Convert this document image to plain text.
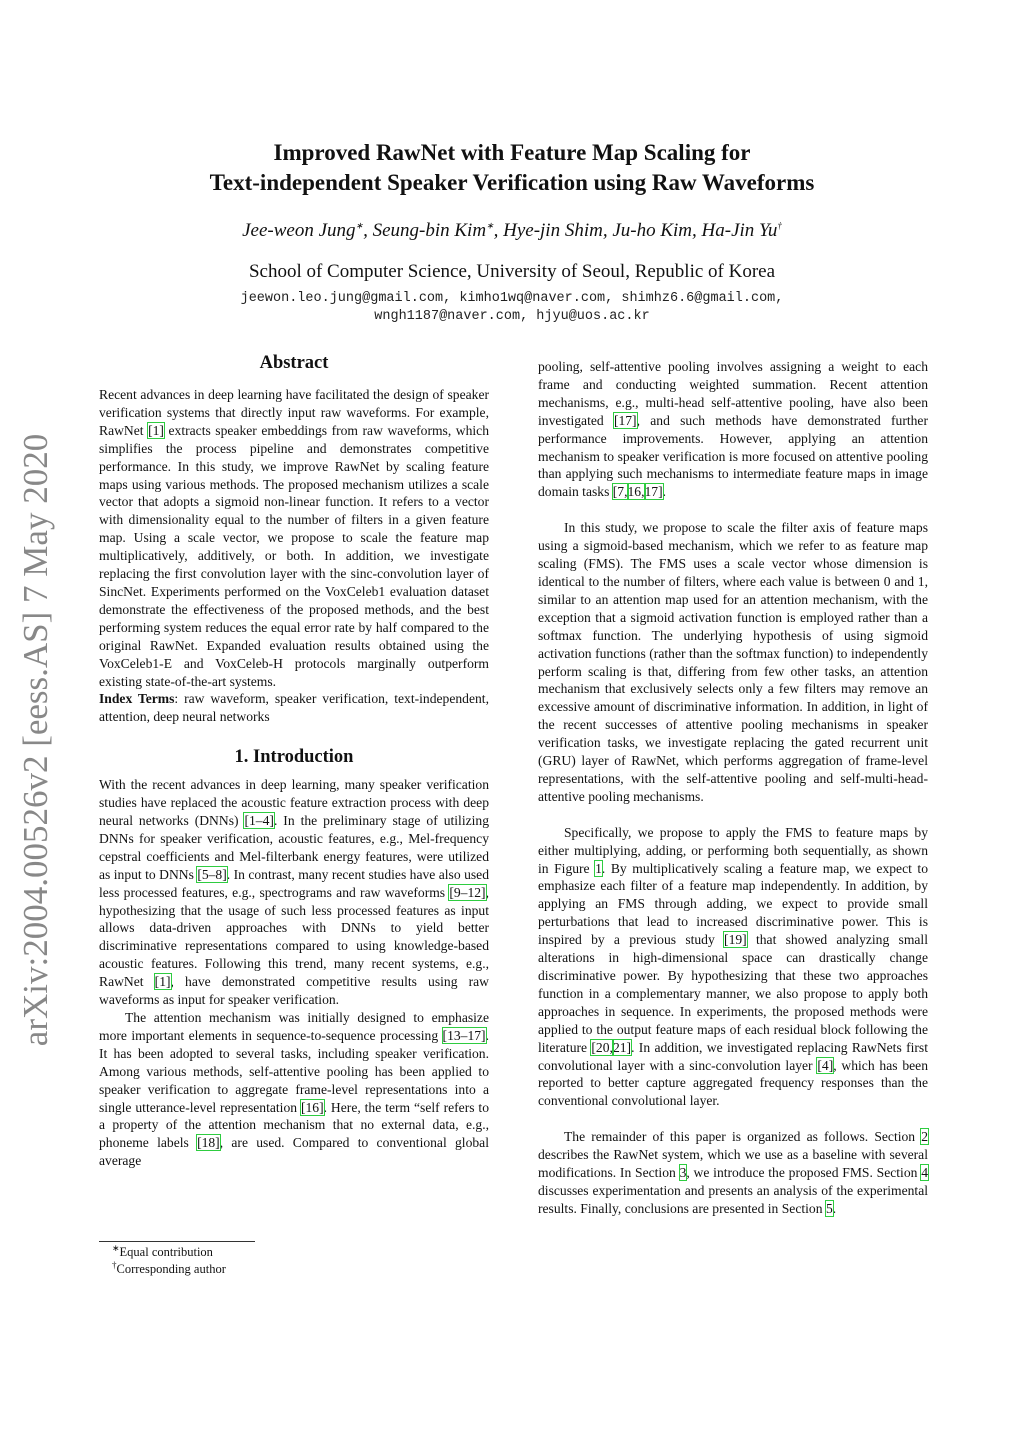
arXiv:2004.00526v2 [eess.AS] 7 May 2020
Improved RawNet with Feature Map Scaling for
Text-independent Speaker Verification using Raw Waveforms
Jee-weon Jung∗, Seung-bin Kim∗, Hye-jin Shim, Ju-ho Kim, Ha-Jin Yu†
School of Computer Science, University of Seoul, Republic of Korea
jeewon.leo.jung@gmail.com, kimho1wq@naver.com, shimhz6.6@gmail.com,
wngh1187@naver.com, hjyu@uos.ac.kr
Abstract

Recent advances in deep learning have facilitated the design of speaker verification systems that directly input raw waveforms. For example, RawNet [1] extracts speaker embeddings from raw waveforms, which simplifies the process pipeline and demonstrates competitive performance. In this study, we improve RawNet by scaling feature maps using various methods. The proposed mechanism utilizes a scale vector that adopts a sigmoid non-linear function. It refers to a vector with dimensionality equal to the number of filters in a given feature map. Using a scale vector, we propose to scale the feature map multiplicatively, additively, or both. In addition, we investigate replacing the first convolution layer with the sinc-convolution layer of SincNet. Experiments performed on the VoxCeleb1 evaluation dataset demonstrate the effectiveness of the proposed methods, and the best performing system reduces the equal error rate by half compared to the original RawNet. Expanded evaluation results obtained using the VoxCeleb1-E and VoxCeleb-H protocols marginally outperform existing state-of-the-art systems.

Index Terms: raw waveform, speaker verification, text-independent, attention, deep neural networks

1. Introduction

With the recent advances in deep learning, many speaker verification studies have replaced the acoustic feature extraction process with deep neural networks (DNNs) [1–4]. In the preliminary stage of utilizing DNNs for speaker verification, acoustic features, e.g., Mel-frequency cepstral coefficients and Mel-filterbank energy features, were utilized as input to DNNs [5–8]. In contrast, many recent studies have also used less processed features, e.g., spectrograms and raw waveforms [9–12], hypothesizing that the usage of such less processed features as input allows data-driven approaches with DNNs to yield better discriminative representations compared to using knowledge-based acoustic features. Following this trend, many recent systems, e.g., RawNet [1], have demonstrated competitive results using raw waveforms as input for speaker verification.

The attention mechanism was initially designed to emphasize more important elements in sequence-to-sequence processing [13–17]. It has been adopted to several tasks, including speaker verification. Among various methods, self-attentive pooling has been applied to speaker verification to aggregate frame-level representations into a single utterance-level representation [16]. Here, the term “self refers to a property of the attention mechanism that no external data, e.g., phoneme labels [18], are used. Compared to conventional global average

∗Equal contribution
†Corresponding author

pooling, self-attentive pooling involves assigning a weight to each frame and conducting weighted summation. Recent attention mechanisms, e.g., multi-head self-attentive pooling, have also been investigated [17], and such methods have demonstrated further performance improvements. However, applying an attention mechanism to speaker verification is more focused on attentive pooling than applying such mechanisms to intermediate feature maps in image domain tasks [7,16,17].

In this study, we propose to scale the filter axis of feature maps using a sigmoid-based mechanism, which we refer to as feature map scaling (FMS). The FMS uses a scale vector whose dimension is identical to the number of filters, where each value is between 0 and 1, similar to an attention map used for an attention mechanism, with the exception that a sigmoid activation function is employed rather than a softmax function. The underlying hypothesis of using sigmoid activation functions (rather than the softmax function) to independently perform scaling is that, differing from few other tasks, an attention mechanism that exclusively selects only a few filters may remove an excessive amount of discriminative information. In addition, in light of the recent successes of attentive pooling mechanisms in speaker verification tasks, we investigate replacing the gated recurrent unit (GRU) layer of RawNet, which performs aggregation of frame-level representations, with the self-attentive pooling and self-multi-head-attentive pooling mechanisms.

Specifically, we propose to apply the FMS to feature maps by either multiplying, adding, or performing both sequentially, as shown in Figure 1. By multiplicatively scaling a feature map, we expect to emphasize each filter of a feature map independently. In addition, by applying an FMS through adding, we expect to provide small perturbations that lead to increased discriminative power. This is inspired by a previous study [19] that showed analyzing small alterations in high-dimensional space can drastically change discriminative power. By hypothesizing that these two approaches function in a complementary manner, we also propose to apply both approaches in sequence. In experiments, the proposed methods were applied to the output feature maps of each residual block following the literature [20,21]. In addition, we investigated replacing RawNets first convolutional layer with a sinc-convolution layer [4], which has been reported to better capture aggregated frequency responses than the conventional convolutional layer.

The remainder of this paper is organized as follows. Section 2 describes the RawNet system, which we use as a baseline with several modifications. In Section 3, we introduce the proposed FMS. Section 4 discusses experimentation and presents an analysis of the experimental results. Finally, conclusions are presented in Section 5.
